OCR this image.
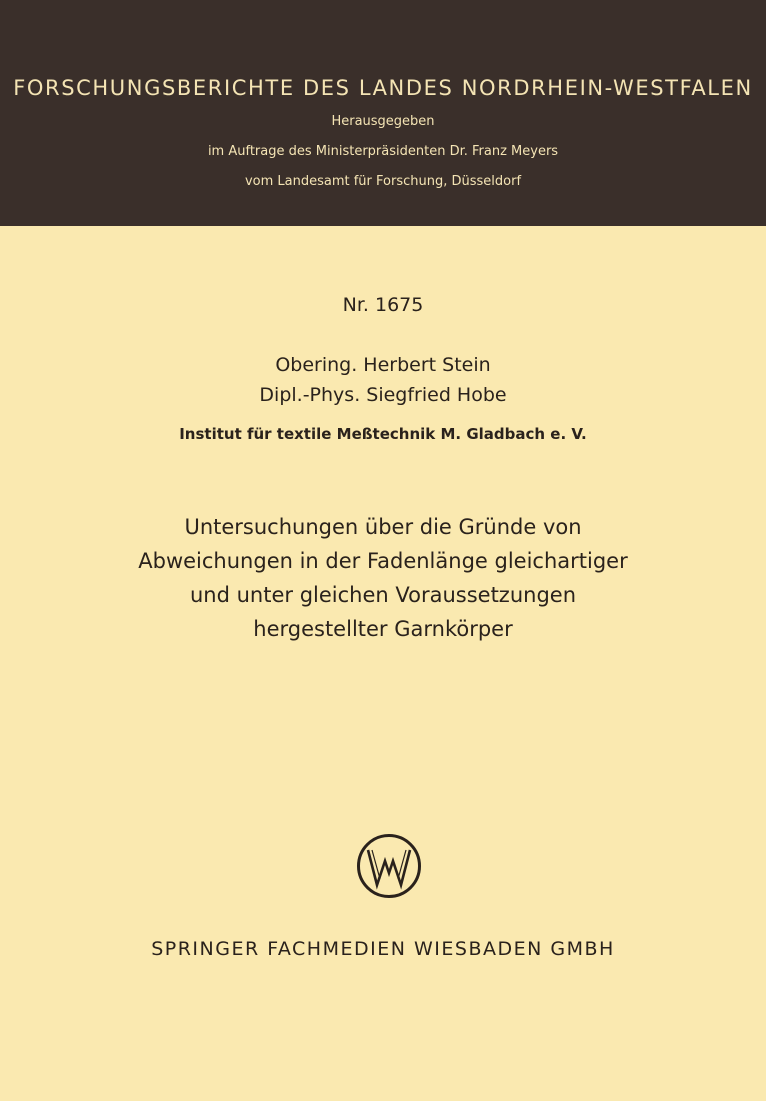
FORSCHUNGSBERICHTE DES LANDES NORDRHEIN-WESTFALEN
Herausgegeben
im Auftrage des Ministerpräsidenten Dr. Franz Meyers
vom Landesamt für Forschung, Düsseldorf
Nr. 1675
Obering. Herbert Stein
Dipl.-Phys. Siegfried Hobe
Institut für textile Meßtechnik M. Gladbach e. V.
Untersuchungen über die Gründe von
Abweichungen in der Fadenlänge gleichartiger
und unter gleichen Voraussetzungen
hergestellter Garnkörper
SPRINGER FACHMEDIEN WIESBADEN GMBH
